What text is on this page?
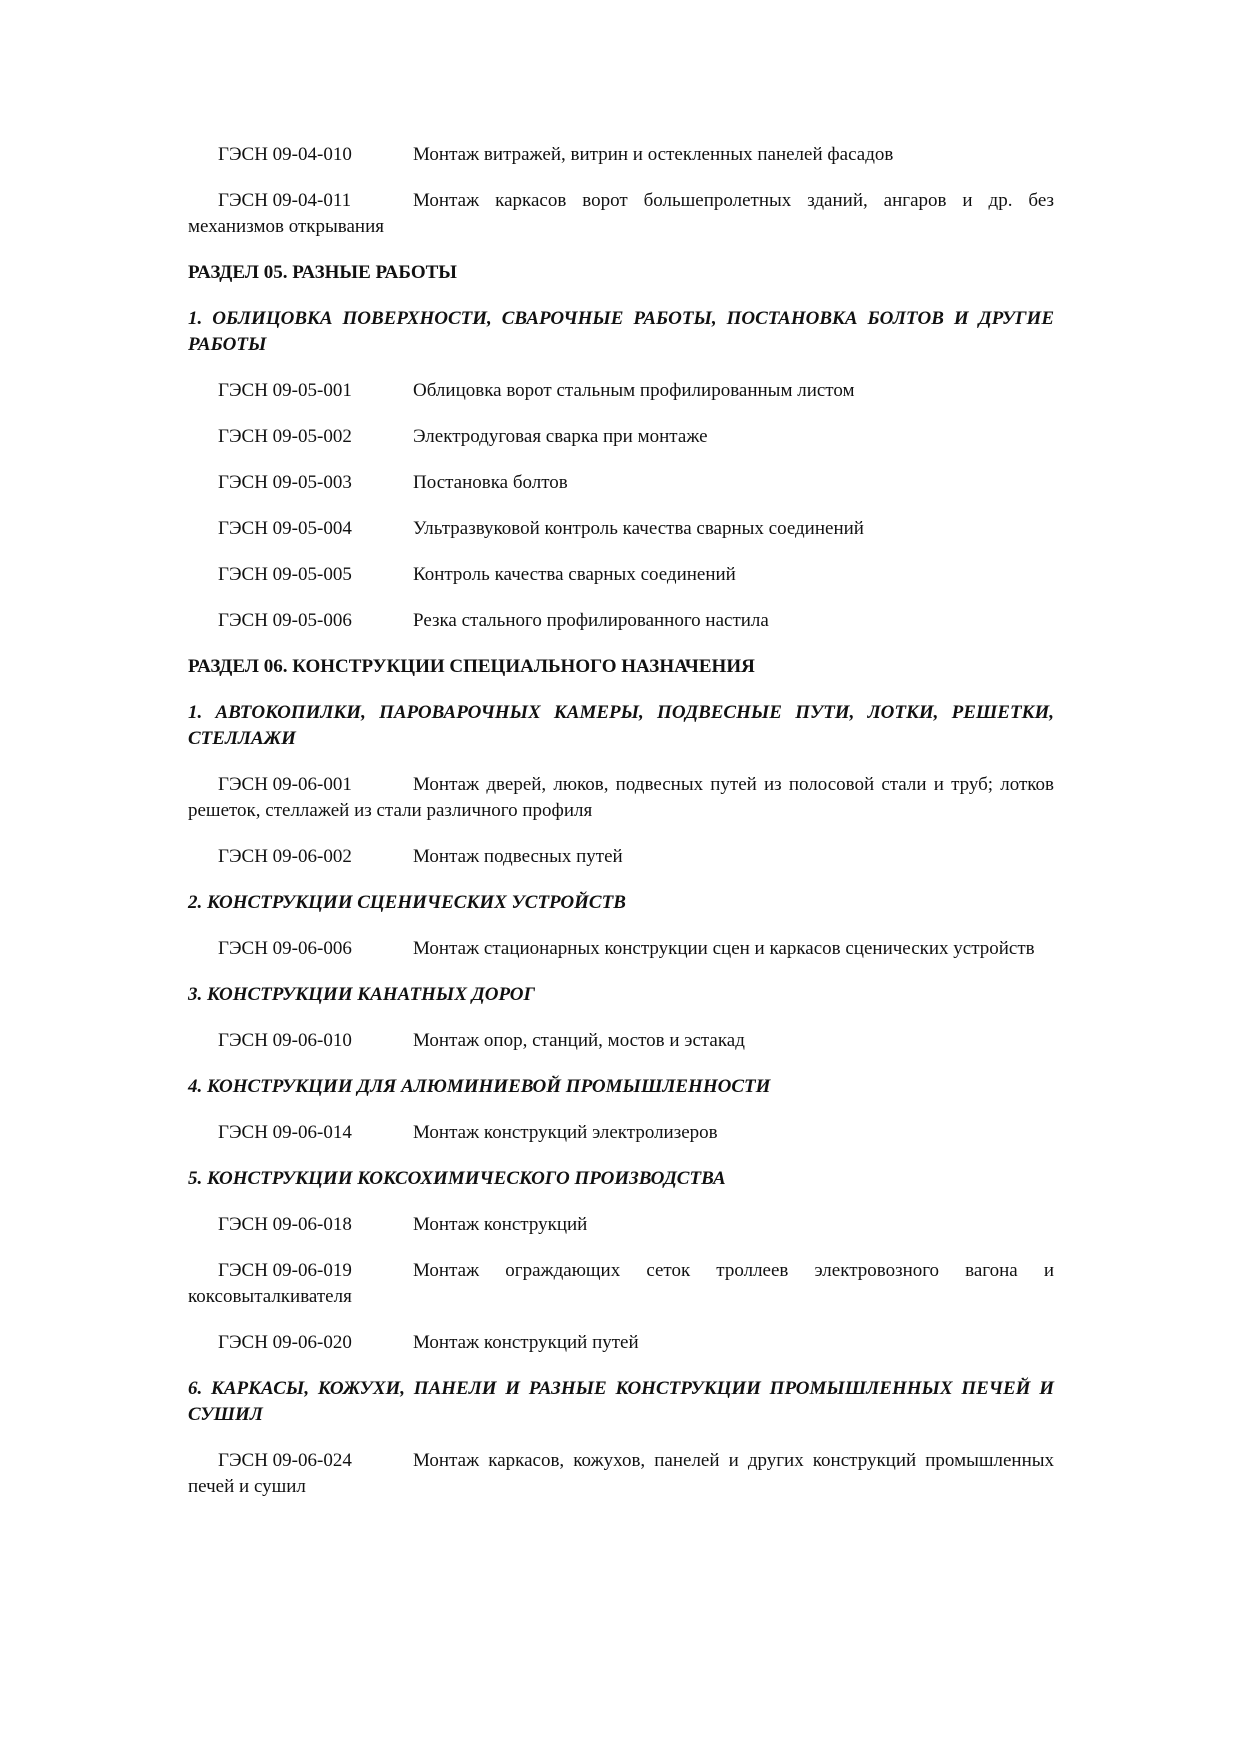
ГЭСН 09-04-010	Монтаж витражей, витрин и остекленных панелей фасадов

ГЭСН 09-04-011	Монтаж каркасов ворот большепролетных зданий, ангаров и др. без механизмов открывания

РАЗДЕЛ 05. РАЗНЫЕ РАБОТЫ

1. ОБЛИЦОВКА ПОВЕРХНОСТИ, СВАРОЧНЫЕ РАБОТЫ, ПОСТАНОВКА БОЛТОВ И ДРУГИЕ РАБОТЫ

ГЭСН 09-05-001	Облицовка ворот стальным профилированным листом

ГЭСН 09-05-002	Электродуговая сварка при монтаже

ГЭСН 09-05-003	Постановка болтов

ГЭСН 09-05-004	Ультразвуковой контроль качества сварных соединений

ГЭСН 09-05-005	Контроль качества сварных соединений

ГЭСН 09-05-006	Резка стального профилированного настила

РАЗДЕЛ 06. КОНСТРУКЦИИ СПЕЦИАЛЬНОГО НАЗНАЧЕНИЯ

1. АВТОКОПИЛКИ, ПАРОВАРОЧНЫХ КАМЕРЫ, ПОДВЕСНЫЕ ПУТИ, ЛОТКИ, РЕШЕТКИ, СТЕЛЛАЖИ

ГЭСН 09-06-001	Монтаж дверей, люков, подвесных путей из полосовой стали и труб; лотков решеток, стеллажей из стали различного профиля

ГЭСН 09-06-002	Монтаж подвесных путей

2. КОНСТРУКЦИИ СЦЕНИЧЕСКИХ УСТРОЙСТВ

ГЭСН 09-06-006	Монтаж стационарных конструкции сцен и каркасов сценических устройств

3. КОНСТРУКЦИИ КАНАТНЫХ ДОРОГ

ГЭСН 09-06-010	Монтаж опор, станций, мостов и эстакад

4. КОНСТРУКЦИИ ДЛЯ АЛЮМИНИЕВОЙ ПРОМЫШЛЕННОСТИ

ГЭСН 09-06-014	Монтаж конструкций электролизеров

5. КОНСТРУКЦИИ КОКСОХИМИЧЕСКОГО ПРОИЗВОДСТВА

ГЭСН 09-06-018	Монтаж конструкций

ГЭСН 09-06-019	Монтаж ограждающих сеток троллеев электровозного вагона и коксовыталкивателя

ГЭСН 09-06-020	Монтаж конструкций путей

6. КАРКАСЫ, КОЖУХИ, ПАНЕЛИ И РАЗНЫЕ КОНСТРУКЦИИ ПРОМЫШЛЕННЫХ ПЕЧЕЙ И СУШИЛ

ГЭСН 09-06-024	Монтаж каркасов, кожухов, панелей и других конструкций промышленных печей и сушил
